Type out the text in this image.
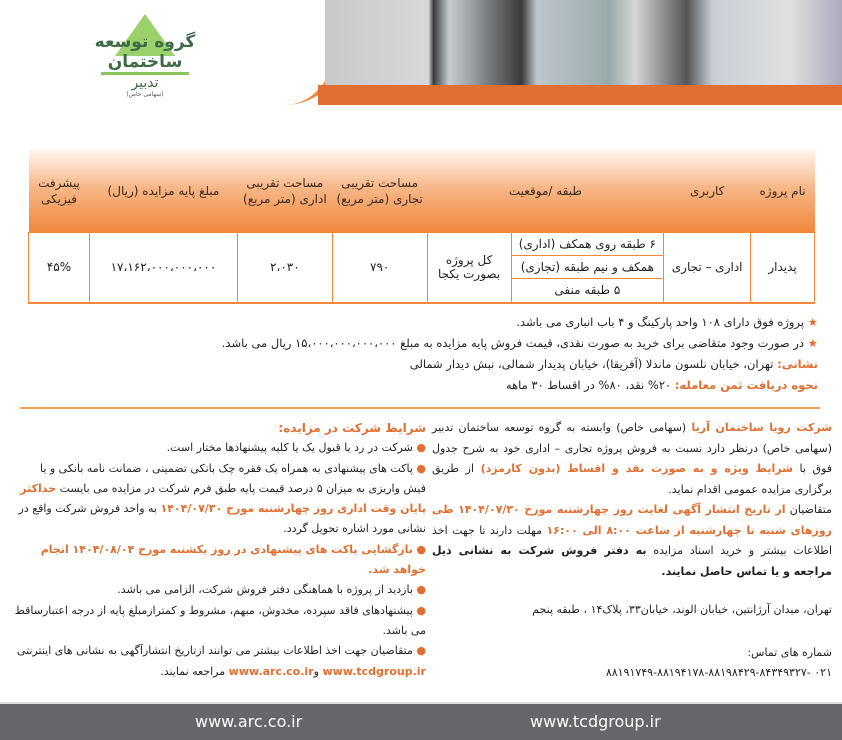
گروه توسعه ساختمان
تدبیر
(سهامی خاص)
نام پروژه	کاربری	طبقه /موقعیت		مساحت تقریبی تجاری (متر مربع)	مساحت تقریبی اداری (متر مربع)	مبلغ پایه مزایده (ریال)	پیشرفت فیزیکی
پدیدار	اداری – تجاری	۶ طبقه روی همکف (اداری)
همکف و نیم طبقه (تجاری)
۵ طبقه منفی	کل پروژه بصورت یکجا	۷۹۰	۲،۰۳۰	۱۷،۱۶۲،۰۰۰،۰۰۰،۰۰۰	۴۵%
★ پروژه فوق دارای ۱۰۸ واحد پارکینگ و ۴ باب انباری می باشد.
★ در صورت وجود متقاضی برای خرید به صورت نقدی، قیمت فروش پایه مزایده به مبلغ ۱۵،۰۰۰،۰۰۰،۰۰۰،۰۰۰ ریال می باشد.
نشانی: تهران، خیابان نلسون ماندلا (آفریقا)، خیابان پدیدار شمالی، نبش دیدار شمالی
نحوه دریافت ثمن معامله: ۲۰% نقد، ۸۰% در اقساط ۳۰ ماهه

شرکت رویا ساختمان آریا (سهامی خاص) وابسته به گروه توسعه ساختمان تدبیر (سهامی خاص) درنظر دارد نسبت به فروش پروژه تجاری – اداری خود به شرح جدول فوق با شرایط ویژه و به صورت نقد و اقساط (بدون کارمزد) از طریق برگزاری مزایده عمومی اقدام نماید.

متقاضیان از تاریخ انتشار آگهی لغایت روز چهارشنبه مورخ ۱۴۰۴/۰۷/۳۰ طی روزهای شنبه تا چهارشنبه از ساعت ۸:۰۰ الی ۱۶:۰۰ مهلت دارند تا جهت اخذ اطلاعات بیشتر و خرید اسناد مزایده به دفتر فروش شرکت به نشانی ذیل مراجعه و یا تماس حاصل نمایند.

تهران، میدان آرژانتین، خیابان الوند، خیابان۳۳، پلاک۱۴ ، طبقه پنجم

شماره های تماس:

۰۲۱ -۸۸۱۹۱۷۴۹-۸۸۱۹۴۱۷۸-۸۸۱۹۸۴۲۹-۸۴۳۴۹۳۲۷

شرایط شرکت در مزایده:
● شرکت در رد یا قبول یک یا کلیه پیشنهادها مختار است.
● پاکت های پیشنهادی به همراه یک فقره چک بانکی تضمینی ، ضمانت نامه بانکی و یا فیش واریزی به میزان ۵ درصد قیمت پایه طبق فرم شرکت در مزایده می بایست حداکثر پایان وقت اداری روز چهارشنبه مورخ ۱۴۰۴/۰۷/۳۰ به واحد فروش شرکت واقع در نشانی مورد اشاره تحویل گردد.
● بازگشایی پاکت های پیشنهادی در روز یکشنبه مورخ ۱۴۰۴/۰۸/۰۴ انجام خواهد شد.
● بازدید از پروژه با هماهنگی دفتر فروش شرکت، الزامی می باشد.
● پیشنهادهای فاقد سپرده، مخدوش، مبهم، مشروط و کمترازمبلغ پایه از درجه اعتبارساقط می باشد.
● متقاضیان جهت اخذ اطلاعات بیشتر می توانند ازتاریخ انتشارآگهی به نشانی های اینترنتی www.tcdgroup.ir وwww.arc.co.ir مراجعه نمایند.
www.arc.co.ir	www.tcdgroup.ir
